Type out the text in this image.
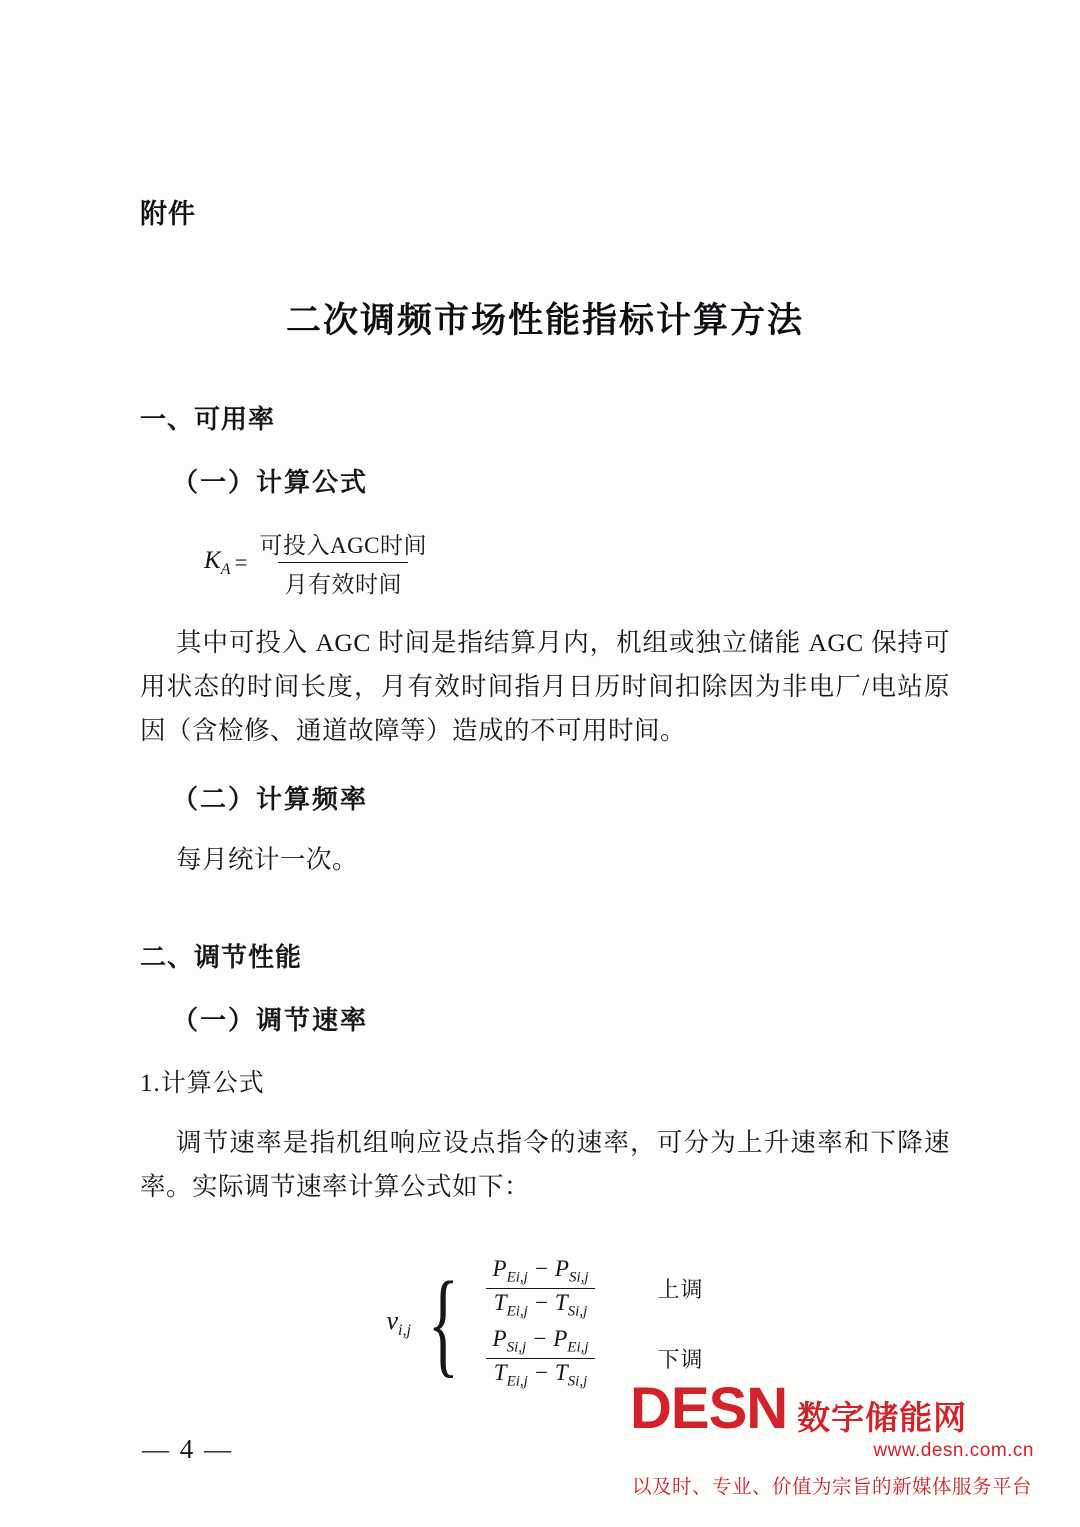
附件
二次调频市场性能指标计算方法
一、可用率
（一）计算公式
$K_A = \frac{\text{可投入AGC时间}}{\text{月有效时间}}$
其中可投入 AGC 时间是指结算月内，机组或独立储能 AGC 保持可用状态的时间长度，月有效时间指月日历时间扣除因为非电厂/电站原因（含检修、通道故障等）造成的不可用时间。
（二）计算频率
每月统计一次。
二、调节性能
（一）调节速率
1.计算公式
调节速率是指机组响应设点指令的速率，可分为上升速率和下降速率。实际调节速率计算公式如下：
$v_{i,j}$ { $\frac{P_{Ei,j} - P_{Si,j}}{T_{Ei,j} - T_{Si,j}}$ 上调
$\frac{P_{Si,j} - P_{Ei,j}}{T_{Ei,j} - T_{Si,j}}$ 下调
— 4 —
DESN 数字储能网
www.desn.com.cn
以及时、专业、价值为宗旨的新媒体服务平台
